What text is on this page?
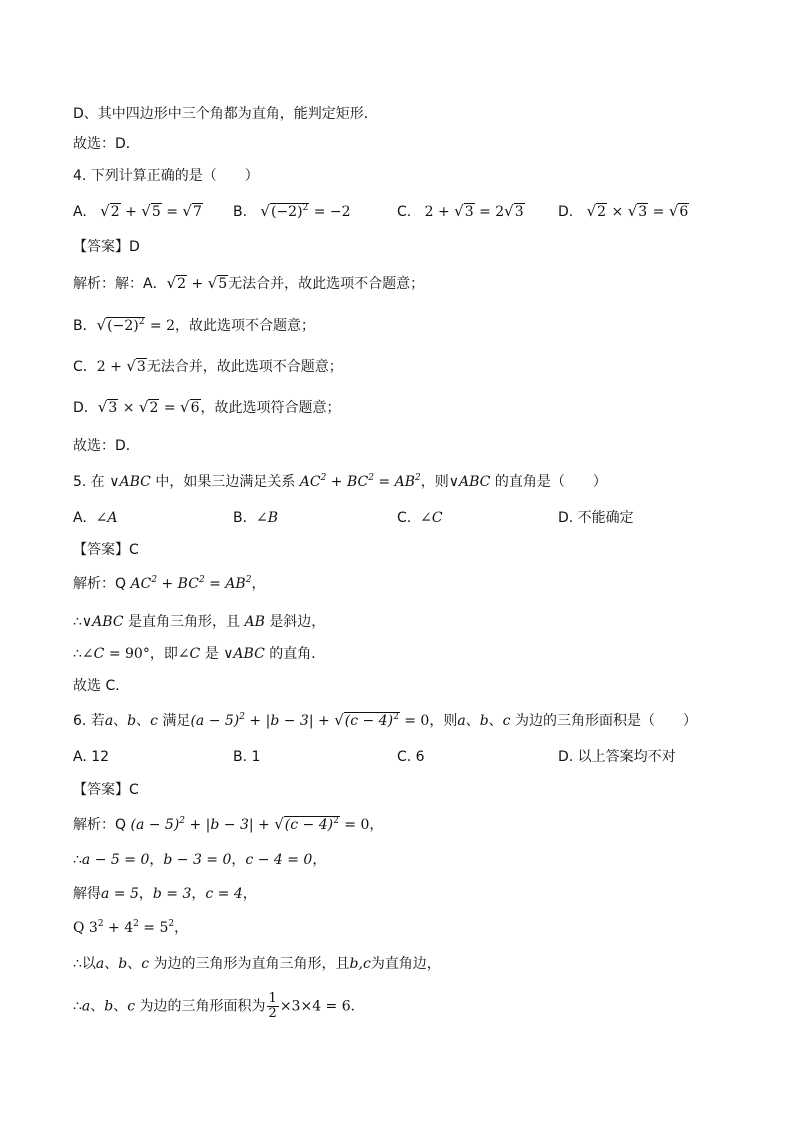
D、其中四边形中三个角都为直角，能判定矩形．
故选：D．
4. 下列计算正确的是（　　）
A. √2 + √5 = √7 B. $√(-2)^2 = -2$	C. 2 + √3 = 2√3 D. √2 × √3 = √6
【答案】D
解析：解：A．√2 + √5无法合并，故此选项不合题意；
B．$√(-2)^2 = 2$，故此选项不合题意；
C．2 + √3无法合并，故此选项不合题意；
D．√3 × √2 = √6，故此选项符合题意；
故选：D．
5. 在 ∨ABC 中，如果三边满足关系 $AC^2 + BC^2 = AB^2$，则∨ABC 的直角是（　　）
A. ∠A	B. ∠B	C. ∠C	D. 不能确定
【答案】C
解析：Q $AC^2 + BC^2 = AB^2$，
∴∨ABC 是直角三角形，且 AB 是斜边，
∴∠C = 90°，即∠C 是 ∨ABC 的直角．
故选 C．
6. 若a、b、c 满足$(a - 5)^2 + |b - 3| + √(c - 4)^2 = 0$，则a、b、c 为边的三角形面积是（　　）
A. 12	B. 1	C. 6	D. 以上答案均不对
【答案】C
解析：Q $(a - 5)^2 + |b - 3| + √(c - 4)^2 = 0$，
∴a − 5 = 0，b − 3 = 0，c − 4 = 0，
解得a = 5，b = 3，c = 4，
Q $3^2 + 4^2 = 5^2$，
∴以a、b、c 为边的三角形为直角三角形，且b,c为直角边，
∴a、b、c 为边的三角形面积为 $\frac{1}{2} \times 3\times 4 = 6$．
